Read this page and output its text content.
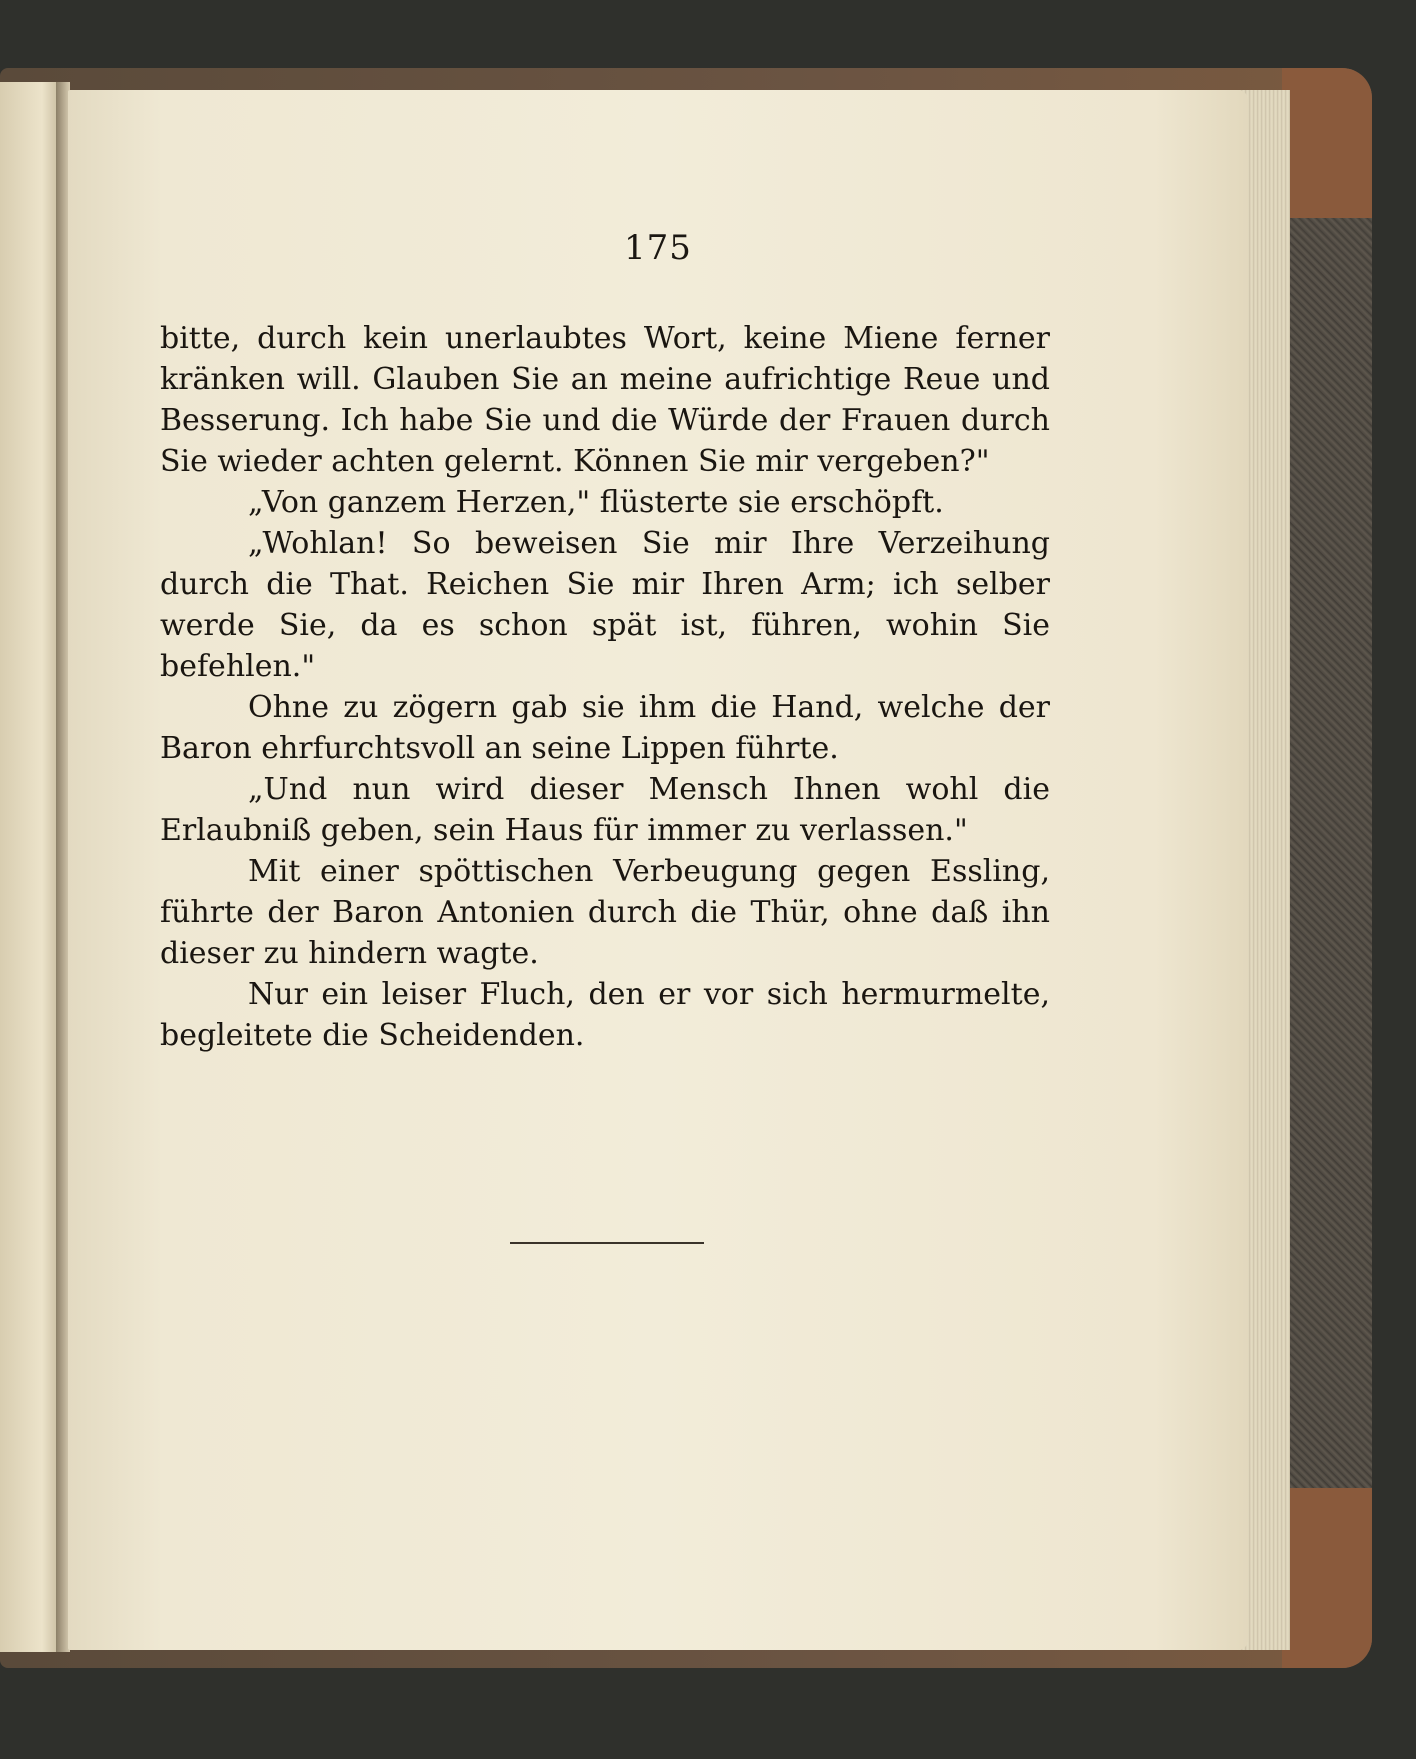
175

bitte, durch kein unerlaubtes Wort, keine Miene ferner kränken will. Glauben Sie an meine aufrichtige Reue und Besserung. Ich habe Sie und die Würde der Frauen durch Sie wieder achten gelernt. Können Sie mir vergeben?"

„Von ganzem Herzen," flüsterte sie erschöpft.

„Wohlan! So beweisen Sie mir Ihre Verzeihung durch die That. Reichen Sie mir Ihren Arm; ich selber werde Sie, da es schon spät ist, führen, wohin Sie befehlen."

Ohne zu zögern gab sie ihm die Hand, welche der Baron ehrfurchtsvoll an seine Lippen führte.

„Und nun wird dieser Mensch Ihnen wohl die Erlaubniß geben, sein Haus für immer zu verlassen."

Mit einer spöttischen Verbeugung gegen Essling, führte der Baron Antonien durch die Thür, ohne daß ihn dieser zu hindern wagte.

Nur ein leiser Fluch, den er vor sich hermurmelte, begleitete die Scheidenden.
